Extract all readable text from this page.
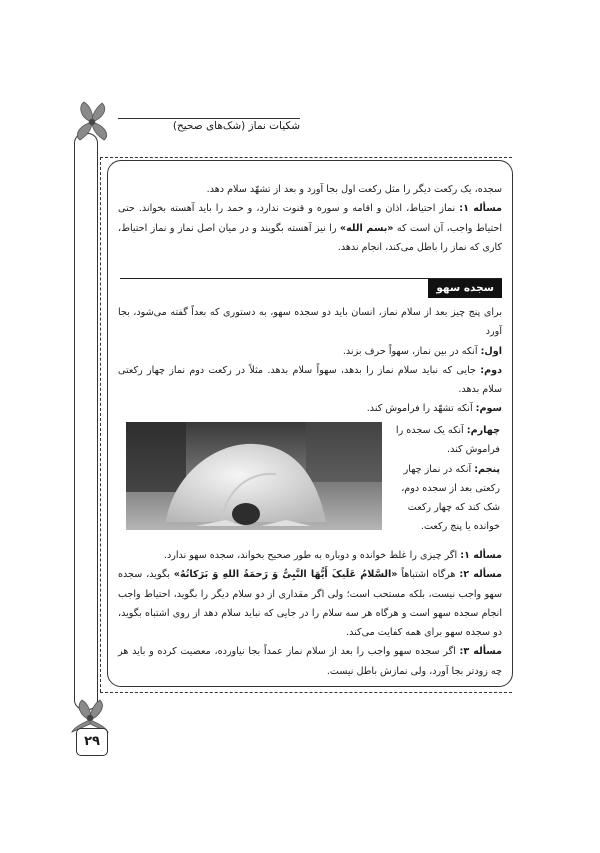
شکیات نماز (شک‌های صحیح)
سجده، یک رکعت دیگر را مثل رکعت اول بجا آورد و بعد از تشهّد سلام دهد.
مسأله ۱: نماز احتیاط، اذان و اقامه و سوره و قنوت ندارد، و حمد را باید آهسته بخواند. حتی احتیاط واجب، آن است که «بسم الله» را نیز آهسته بگویند و در میان اصل نماز و نماز احتیاط، کاری که نماز را باطل می‌کند، انجام ندهد.
سجده سهو
برای پنج چیز بعد از سلام نماز، انسان باید دو سجده سهو، به دستوری که بعداً گفته می‌شود، بجا آورد
اول: آنکه در بین نماز، سهواً حرف بزند.
دوم: جایی که نباید سلام نماز را بدهد، سهواً سلام بدهد. مثلاً در رکعت دوم نماز چهار رکعتی سلام بدهد.
سوم: آنکه تشهّد را فراموش کند.
چهارم: آنکه یک سجده را فراموش کند.
پنجم: آنکه در نماز چهار رکعتی بعد از سجده دوم، شک کند که چهار رکعت خوانده یا پنج رکعت.
مسأله ۱: اگر چیزی را غلط خوانده و دوباره به طور صحیح بخواند، سجده سهو ندارد.
مسأله ۲: هرگاه اشتباهاً «السَّلامُ عَلَیکَ أَیُّهَا النَّبِیُّ وَ رَحمَةُ اللهِ وَ بَرَکاتُهُ» بگوید، سجده سهو واجب نیست، بلکه مستحب است؛ ولی اگر مقداری از دو سلام دیگر را بگوید، احتیاط واجب انجام سجده سهو است و هرگاه هر سه سلام را در جایی که نباید سلام دهد از روی اشتباه بگوید، دو سجده سهو برای همه کفایت می‌کند.
مسأله ۳: اگر سجده سهو واجب را بعد از سلام نماز عمداً بجا نیاورده، معصیت کرده و باید هر چه زودتر بجا آورد، ولی نمازش باطل نیست.
۲۹
